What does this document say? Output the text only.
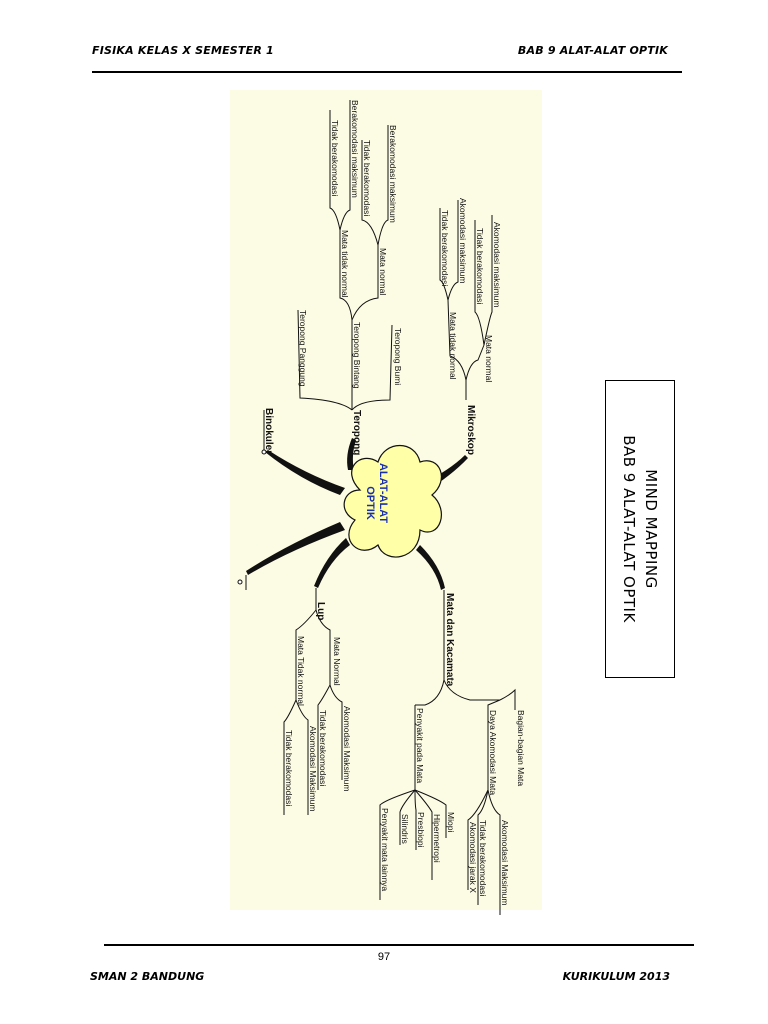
FISIKA KELAS X SEMESTER 1	BAB 9 ALAT-ALAT OPTIK
ALAT-ALAT
OPTIK
Binokuler	Teropong	Mikroskop
Lup	Mata dan Kacamata
Teropong Panggung	Teropong Bumi
Teropong Bintang
Mata normal
Mata tidak normal
Berakomodasi maksimum
Tidak berakomodasi
Berakomodasi maksimum
Tidak berakomodasi
Mata normal
Mata tidak normal
Akomodasi maksimum
Tidak berakomodasi
Akomodasi maksimum
Tidak berakomodasi
Mata Normal
Mata Tidak normal
Akomodasi Maksimum
Tidak berakomodasi
Akomodasi Maksimum
Tidak berakomodasi	Bagian-bagian Mata
Daya Akomodasi Mata
Penyakit pada Mata
Akomodasi Maksimum
Tidak berakomodasi
Akomodasi jarak X
Miopi
Hipermetropi
Presbiopi
Silindris
Penyakit mata lainnya
MIND MAPPING
BAB 9 ALAT-ALAT OPTIK
97
SMAN 2 BANDUNG	KURIKULUM 2013
